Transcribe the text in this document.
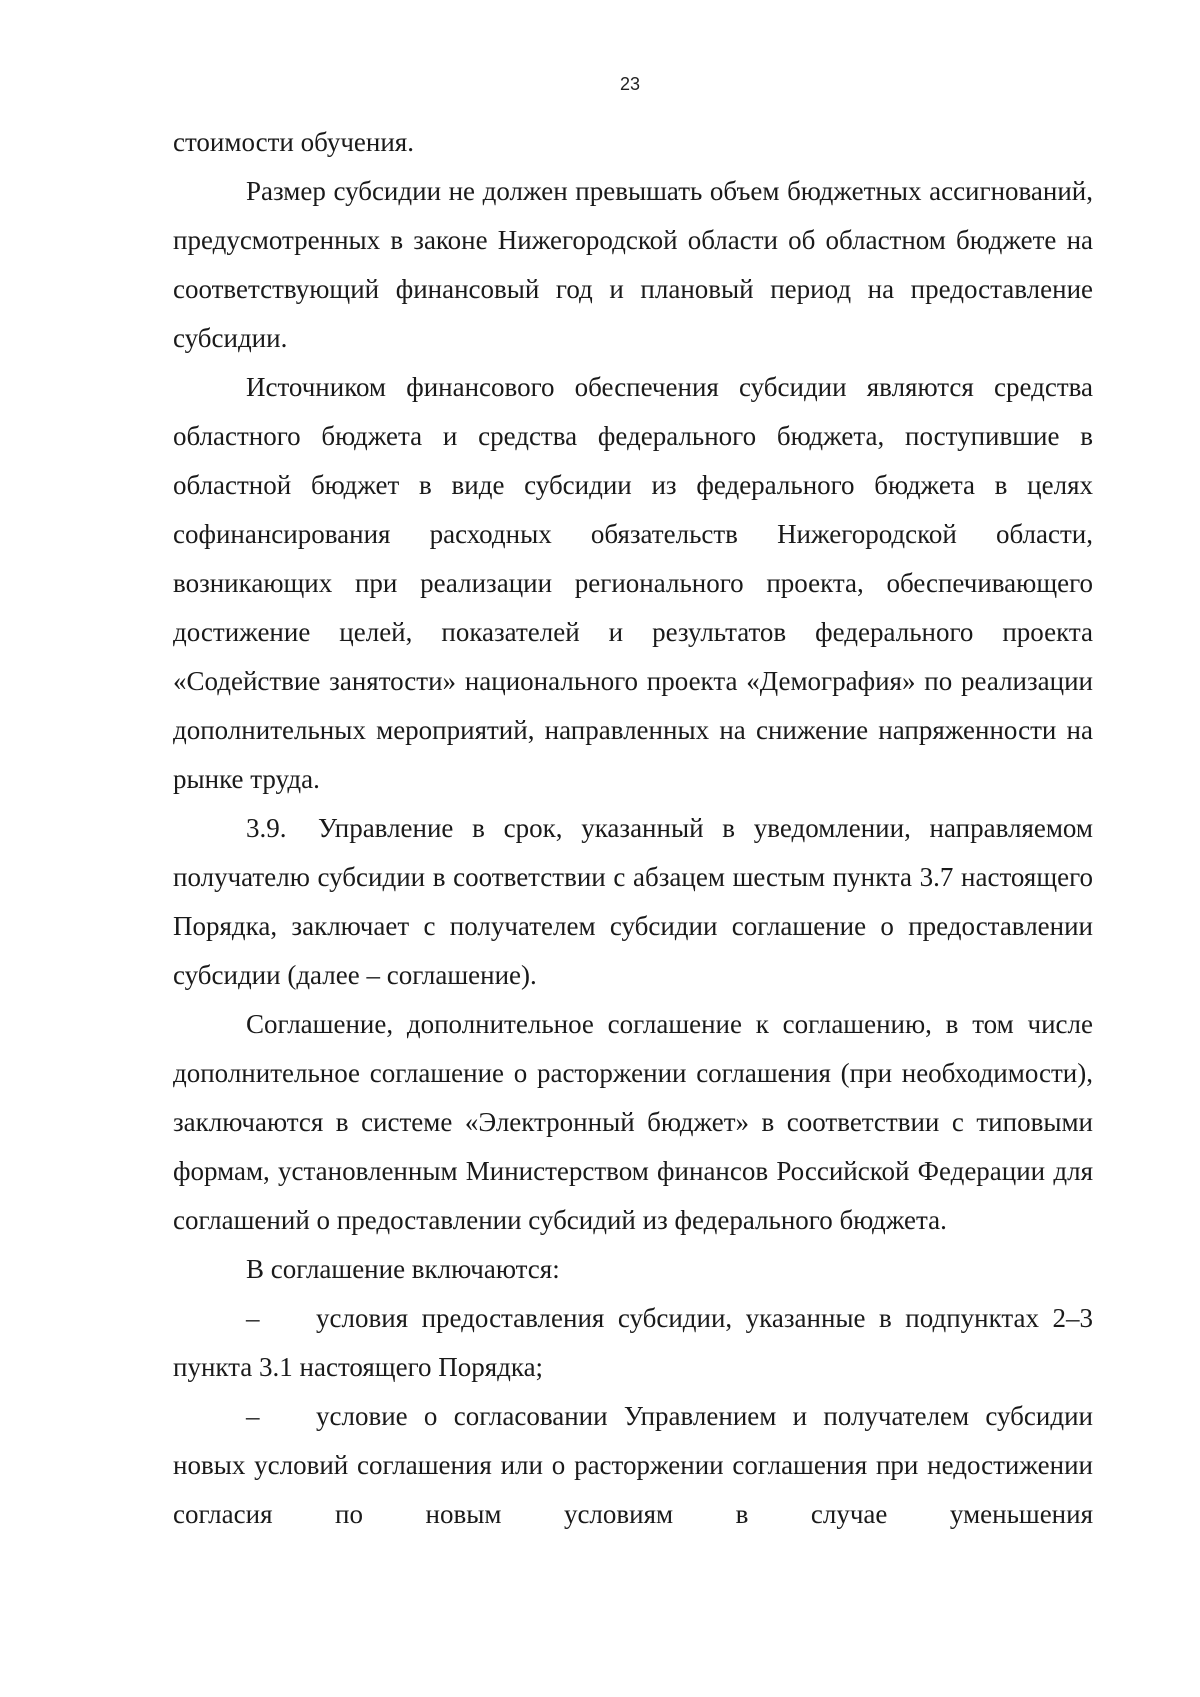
23

стоимости обучения.

Размер субсидии не должен превышать объем бюджетных ассигнований, предусмотренных в законе Нижегородской области об областном бюджете на соответствующий финансовый год и плановый период на предоставление субсидии.

Источником финансового обеспечения субсидии являются средства областного бюджета и средства федерального бюджета, поступившие в областной бюджет в виде субсидии из федерального бюджета в целях софинансирования расходных обязательств Нижегородской области, возникающих при реализации регионального проекта, обеспечивающего достижение целей, показателей и результатов федерального проекта «Содействие занятости» национального проекта «Демография» по реализации дополнительных мероприятий, направленных на снижение напряженности на рынке труда.

3.9. Управление в срок, указанный в уведомлении, направляемом получателю субсидии в соответствии с абзацем шестым пункта 3.7 настоящего Порядка, заключает с получателем субсидии соглашение о предоставлении субсидии (далее – соглашение).

Соглашение, дополнительное соглашение к соглашению, в том числе дополнительное соглашение о расторжении соглашения (при необходимости), заключаются в системе «Электронный бюджет» в соответствии с типовыми формам, установленным Министерством финансов Российской Федерации для соглашений о предоставлении субсидий из федерального бюджета.

В соглашение включаются:

– условия предоставления субсидии, указанные в подпунктах 2–3 пункта 3.1 настоящего Порядка;

– условие о согласовании Управлением и получателем субсидии новых условий соглашения или о расторжении соглашения при недостижении согласия по новым условиям в случае уменьшения
